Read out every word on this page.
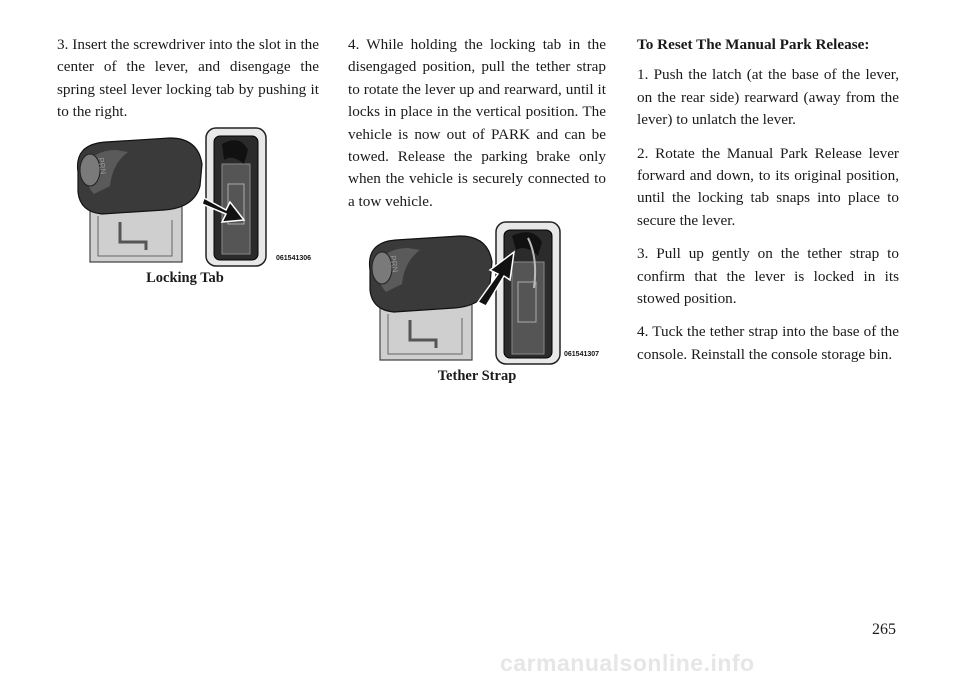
3. Insert the screwdriver into the slot in the center of the lever, and disengage the spring steel lever locking tab by pushing it to the right.

PRN
061541306
Locking Tab

4. While holding the locking tab in the disengaged position, pull the tether strap to rotate the lever up and rearward, until it locks in place in the vertical position. The vehicle is now out of PARK and can be towed. Release the parking brake only when the vehicle is securely connected to a tow vehicle.

PRN
061541307
Tether Strap

To Reset The Manual Park Release:

1. Push the latch (at the base of the lever, on the rear side) rearward (away from the lever) to unlatch the lever.

2. Rotate the Manual Park Release lever forward and down, to its original position, until the locking tab snaps into place to secure the lever.

3. Pull up gently on the tether strap to confirm that the lever is locked in its stowed position.

4. Tuck the tether strap into the base of the console. Reinstall the console storage bin.

265
carmanualsonline.info
